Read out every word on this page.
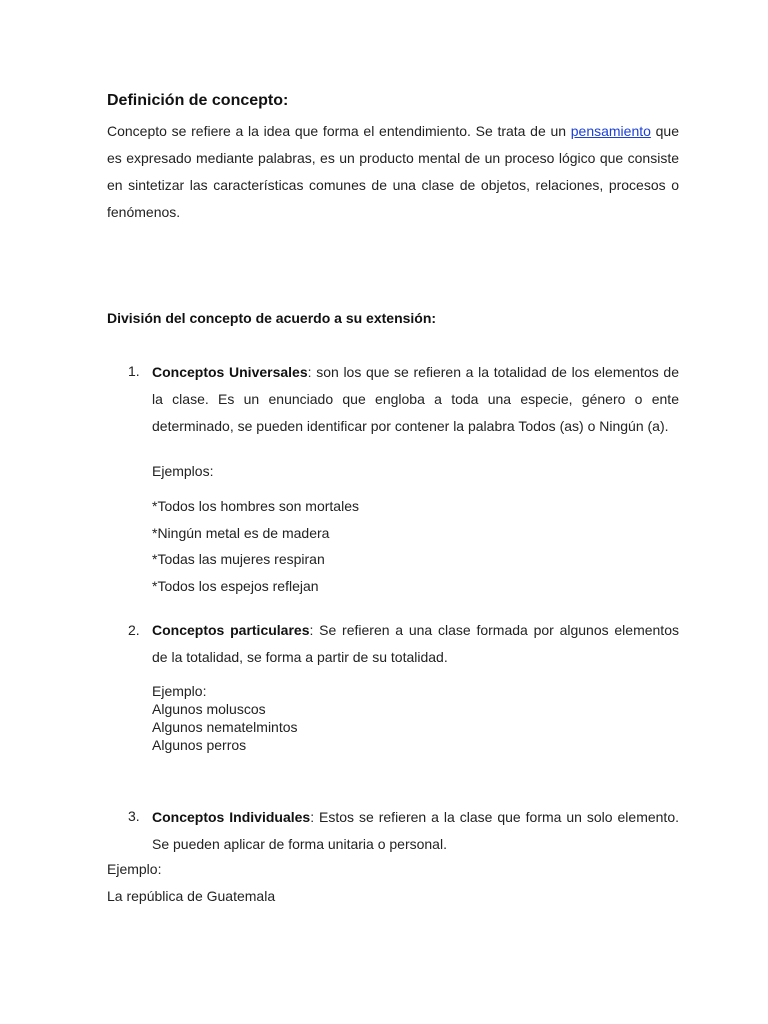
Definición de concepto:
Concepto se refiere a la idea que forma el entendimiento. Se trata de un pensamiento que es expresado mediante palabras, es un producto mental de un proceso lógico que consiste en sintetizar las características comunes de una clase de objetos, relaciones, procesos o fenómenos.
División del concepto de acuerdo a su extensión:
1. Conceptos Universales: son los que se refieren a la totalidad de los elementos de la clase. Es un enunciado que engloba a toda una especie, género o ente determinado, se pueden identificar por contener la palabra Todos (as) o Ningún (a).
Ejemplos:
*Todos los hombres son mortales
*Ningún metal es de madera
*Todas las mujeres respiran
*Todos los espejos reflejan
2. Conceptos particulares: Se refieren a una clase formada por algunos elementos de la totalidad, se forma a partir de su totalidad.
Ejemplo:
Algunos moluscos
Algunos nematelmintos
Algunos perros
3. Conceptos Individuales: Estos se refieren a la clase que forma un solo elemento. Se pueden aplicar de forma unitaria o personal.
Ejemplo:
La república de Guatemala
